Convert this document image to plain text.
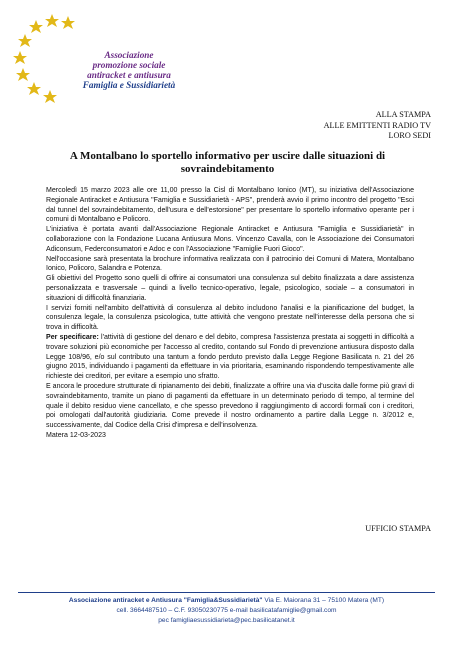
Associazione
promozione sociale
antiracket e antiusura
Famiglia e Sussidiarietà
ALLA STAMPA
ALLE EMITTENTI RADIO TV
LORO SEDI
A Montalbano lo sportello informativo per uscire dalle situazioni di sovraindebitamento

Mercoledì 15 marzo 2023 alle ore 11,00 presso la Cisl di Montalbano Ionico (MT), su iniziativa dell'Associazione Regionale Antiracket e Antiusura "Famiglia e Sussidiarietà - APS", prenderà avvio il primo incontro del progetto "Esci dal tunnel del sovraindebitamento, dell'usura e dell'estorsione" per presentare lo sportello informativo operante per i comuni di Montalbano e Policoro.

L'iniziativa è portata avanti dall'Associazione Regionale Antiracket e Antiusura "Famiglia e Sussidiarietà" in collaborazione con la Fondazione Lucana Antiusura Mons. Vincenzo Cavalla, con le Associazione dei Consumatori Adiconsum, Federconsumatori e Adoc e con l'Associazione "Famiglie Fuori Gioco".

Nell'occasione sarà presentata la brochure informativa realizzata con il patrocinio dei Comuni di Matera, Montalbano Ionico, Policoro, Salandra e Potenza.

Gli obiettivi del Progetto sono quelli di offrire ai consumatori una consulenza sul debito finalizzata a dare assistenza personalizzata e trasversale – quindi a livello tecnico-operativo, legale, psicologico, sociale – a consumatori in situazioni di difficoltà finanziaria.

I servizi forniti nell'ambito dell'attività di consulenza al debito includono l'analisi e la pianificazione del budget, la consulenza legale, la consulenza psicologica, tutte attività che vengono prestate nell'interesse della persona che si trova in difficoltà.

Per specificare: l'attività di gestione del denaro e del debito, compresa l'assistenza prestata ai soggetti in difficoltà a trovare soluzioni più economiche per l'accesso al credito, contando sul Fondo di prevenzione antiusura disposto dalla Legge 108/96, e/o sul contributo una tantum a fondo perduto previsto dalla Legge Regione Basilicata n. 21 del 26 giugno 2015, individuando i pagamenti da effettuare in via prioritaria, esaminando rispondendo tempestivamente alle richieste dei creditori, per evitare a esempio uno sfratto.

E ancora le procedure strutturate di ripianamento dei debiti, finalizzate a offrire una via d'uscita dalle forme più gravi di sovraindebitamento, tramite un piano di pagamenti da effettuare in un determinato periodo di tempo, al termine del quale il debito residuo viene cancellato, e che spesso prevedono il raggiungimento di accordi formali con i creditori, poi omologati dall'autorità giudiziaria. Come prevede il nostro ordinamento a partire dalla Legge n. 3/2012 e, successivamente, dal Codice della Crisi d'impresa e dell'insolvenza.

Matera 12-03-2023

UFFICIO STAMPA
Associazione antiracket e Antiusura "Famiglia&Sussidiarietà" Via E. Maiorana 31 – 75100 Matera (MT)
cell. 3664487510 – C.F. 93050230775 e-mail basilicatafamiglie@gmail.com
pec famigliaesussidiarieta@pec.basilicatanet.it
